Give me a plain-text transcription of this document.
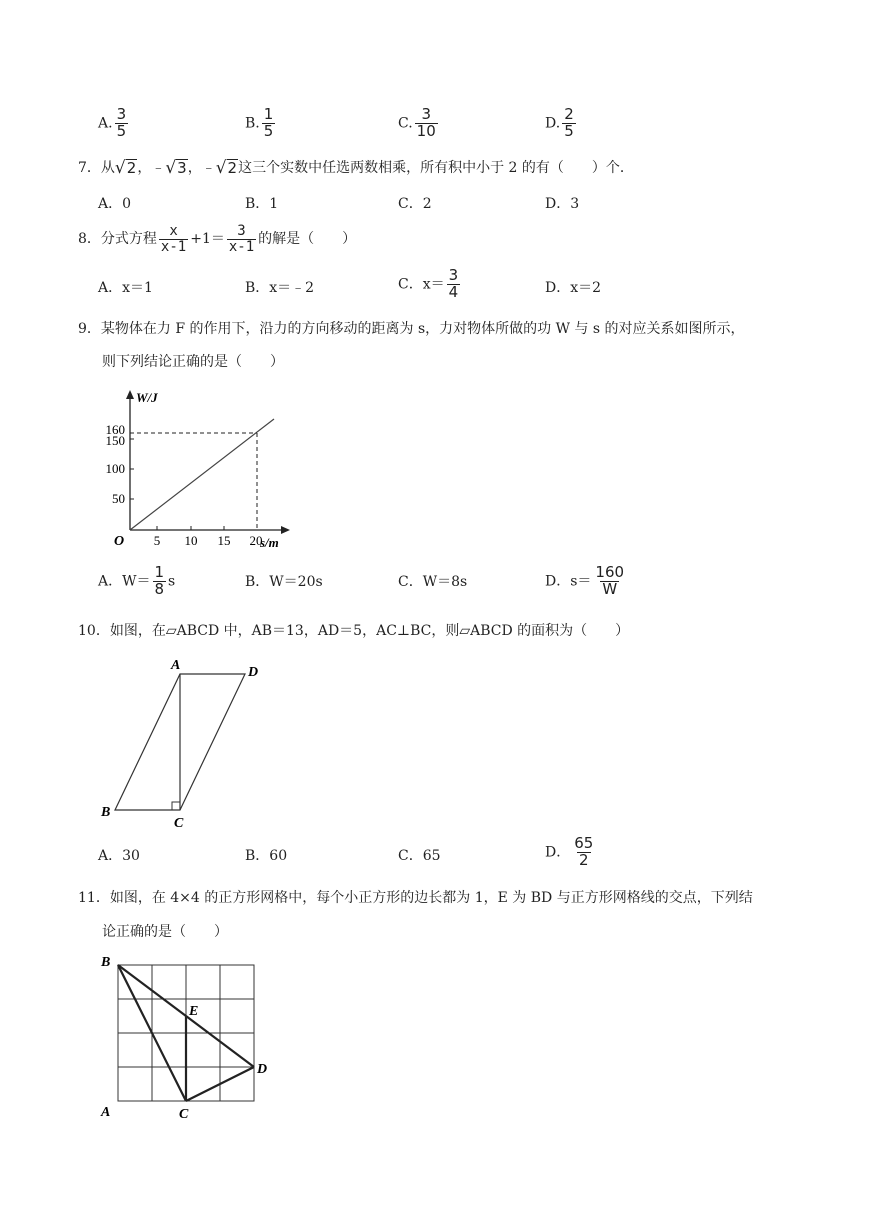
A. $\frac{3}{5}$	B. $\frac{1}{5}$	C. $\frac{3}{10}$	D. $\frac{2}{5}$
7．从 √ 2 ，﹣ √ 3 ，﹣ √ 2 这三个实数中任选两数相乘，所有积中小于 2 的有（　　）个．
A．0	B．1	C．2	D．3
8．分式方程 $\frac{x}{x-1} +1= \frac{3}{x-1}$ 的解是（　　）
A．x＝1	B．x＝﹣2	C．$x= \frac{3}{4}$	D．x＝2
9．某物体在力 F 的作用下，沿力的方向移动的距离为 s，力对物体所做的功 W 与 s 的对应关系如图所示，
则下列结论正确的是（　　）
W/J
s/m
O 5 10 15 20
50
100
150
160
A．$W= \frac{1}{8}$ s	B．W＝20s	C．W＝8s	D．$s= \frac{160}{W}$
10．如图，在▱ABCD 中，AB＝13，AD＝5，AC⊥BC，则▱ABCD 的面积为（　　）
A	D
B
C
A．30	B．60	C．65	D． $\frac{65}{2}$
11．如图，在 4×4 的正方形网格中，每个小正方形的边长都为 1，E 为 BD 与正方形网格线的交点，下列结
论正确的是（　　）
B
E
D
A	C
